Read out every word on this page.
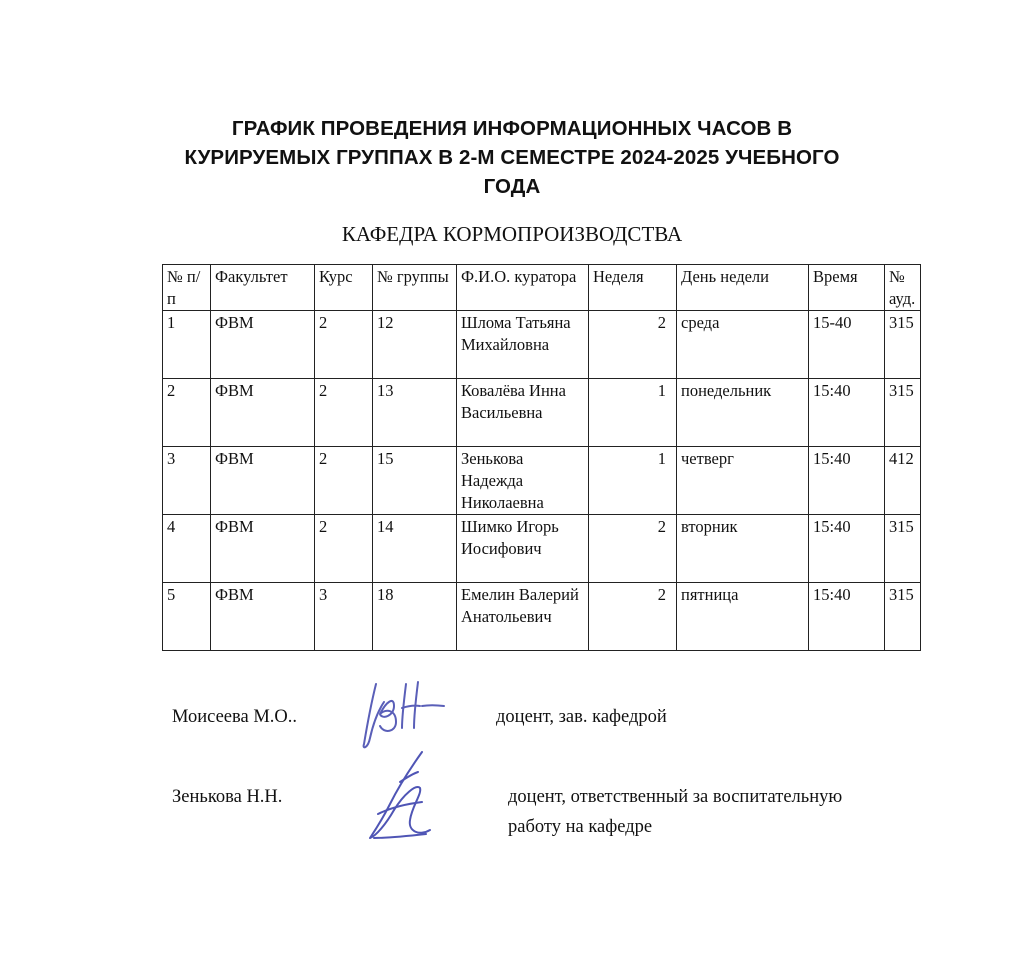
ГРАФИК ПРОВЕДЕНИЯ ИНФОРМАЦИОННЫХ ЧАСОВ В
КУРИРУЕМЫХ ГРУППАХ В 2-М СЕМЕСТРЕ 2024-2025 УЧЕБНОГО
ГОДА
КАФЕДРА КОРМОПРОИЗВОДСТВА
№ п/п	Факультет	Курс	№ группы	Ф.И.О. куратора	Неделя	День недели	Время	№ ауд.
1	ФВМ	2	12	Шлома Татьяна Михайловна	2	среда	15-40	315
2	ФВМ	2	13	Ковалёва Инна Васильевна	1	понедельник	15:40	315
3	ФВМ	2	15	Зенькова Надежда Николаевна	1	четверг	15:40	412
4	ФВМ	2	14	Шимко Игорь Иосифович	2	вторник	15:40	315
5	ФВМ	3	18	Емелин Валерий Анатольевич	2	пятница	15:40	315
Моисеева М.О..	доцент, зав. кафедрой
Зенькова Н.Н.	доцент, ответственный за воспитательную
работу на кафедре
